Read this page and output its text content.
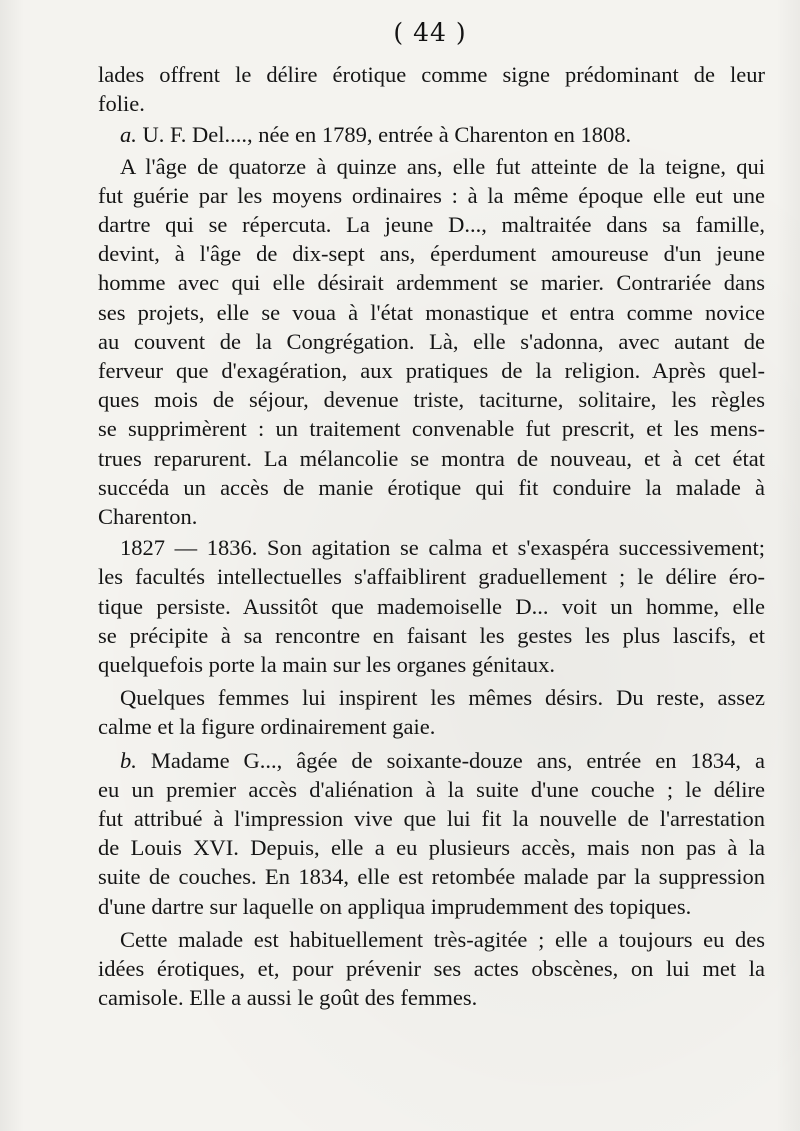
( 44 )

lades offrent le délire érotique comme signe prédominant de leur
folie.

a. U. F. Del...., née en 1789, entrée à Charenton en 1808.

A l'âge de quatorze à quinze ans, elle fut atteinte de la teigne, qui
fut guérie par les moyens ordinaires : à la même époque elle eut une
dartre qui se répercuta. La jeune D..., maltraitée dans sa famille,
devint, à l'âge de dix-sept ans, éperdument amoureuse d'un jeune
homme avec qui elle désirait ardemment se marier. Contrariée dans
ses projets, elle se voua à l'état monastique et entra comme novice
au couvent de la Congrégation. Là, elle s'adonna, avec autant de
ferveur que d'exagération, aux pratiques de la religion. Après quel-
ques mois de séjour, devenue triste, taciturne, solitaire, les règles
se supprimèrent : un traitement convenable fut prescrit, et les mens-
trues reparurent. La mélancolie se montra de nouveau, et à cet état
succéda un accès de manie érotique qui fit conduire la malade à
Charenton.

1827 — 1836. Son agitation se calma et s'exaspéra successivement;
les facultés intellectuelles s'affaiblirent graduellement ; le délire éro-
tique persiste. Aussitôt que mademoiselle D... voit un homme, elle
se précipite à sa rencontre en faisant les gestes les plus lascifs, et
quelquefois porte la main sur les organes génitaux.

Quelques femmes lui inspirent les mêmes désirs. Du reste, assez
calme et la figure ordinairement gaie.

b. Madame G..., âgée de soixante-douze ans, entrée en 1834, a
eu un premier accès d'aliénation à la suite d'une couche ; le délire
fut attribué à l'impression vive que lui fit la nouvelle de l'arrestation
de Louis XVI. Depuis, elle a eu plusieurs accès, mais non pas à la
suite de couches. En 1834, elle est retombée malade par la suppression
d'une dartre sur laquelle on appliqua imprudemment des topiques.

Cette malade est habituellement très-agitée ; elle a toujours eu des
idées érotiques, et, pour prévenir ses actes obscènes, on lui met la
camisole. Elle a aussi le goût des femmes.
